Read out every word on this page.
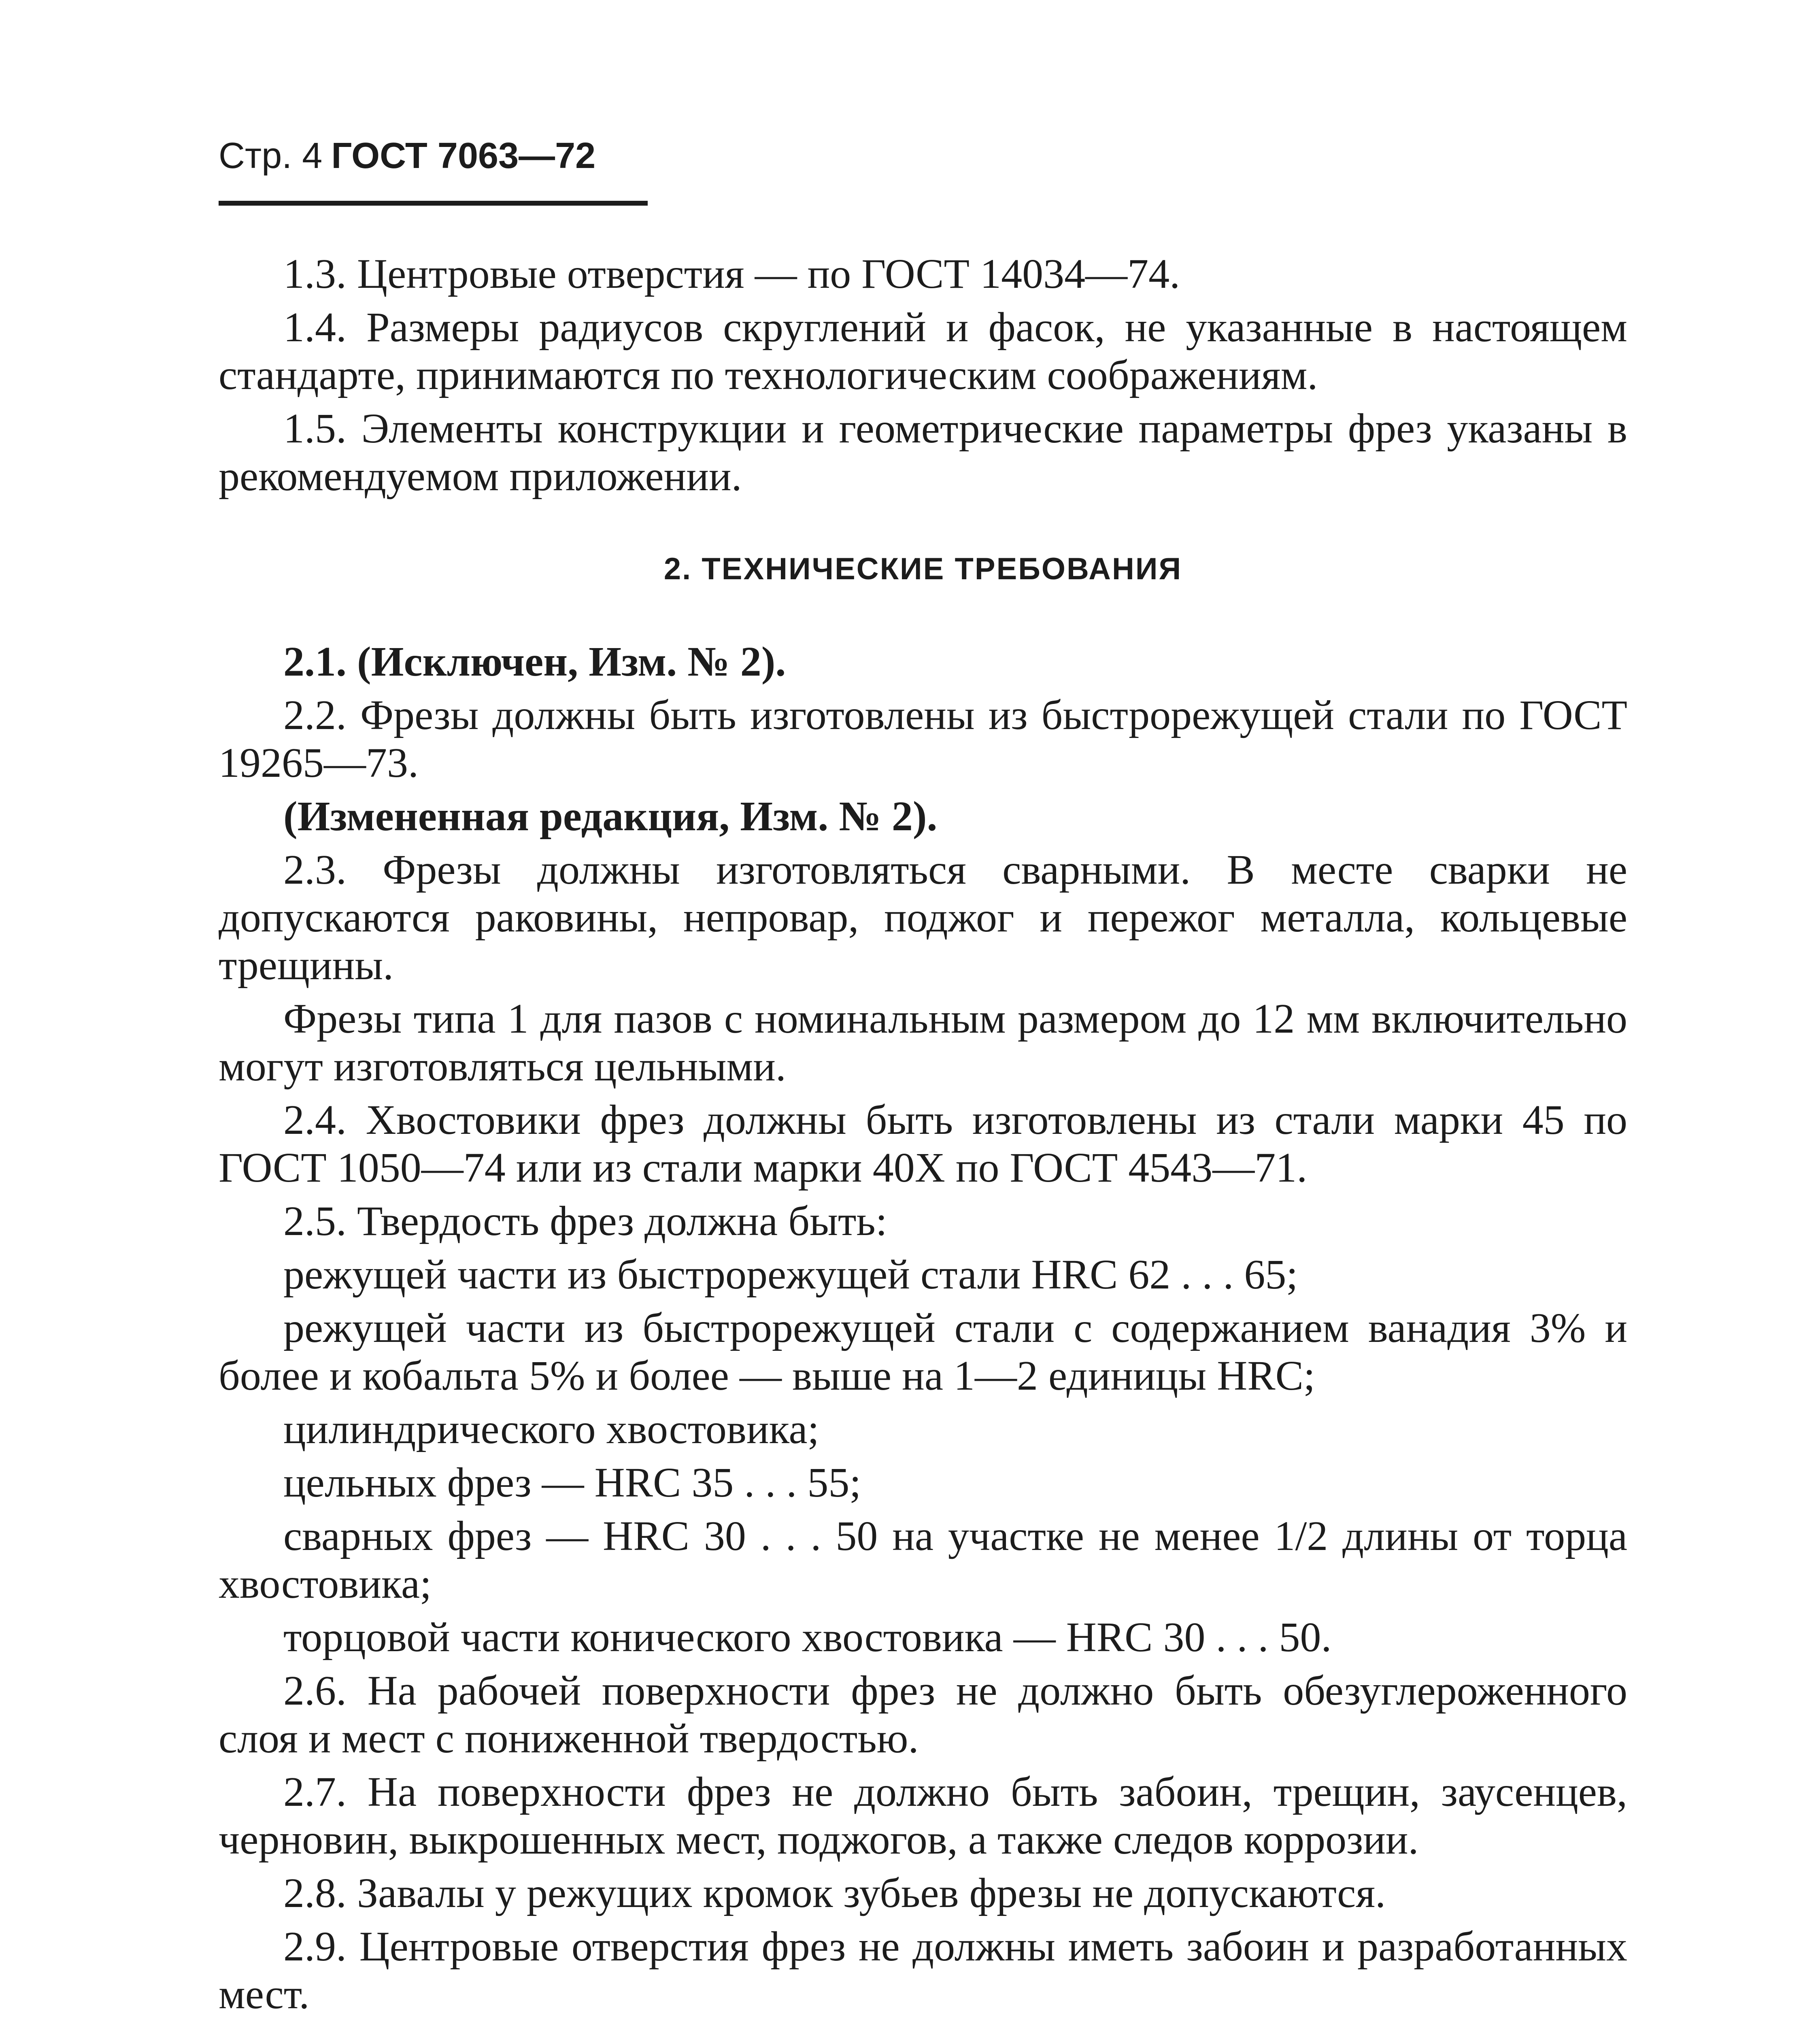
Стр. 4 ГОСТ 7063—72

1.3. Центровые отверстия — по ГОСТ 14034—74.

1.4. Размеры радиусов скруглений и фасок, не указанные в настоящем стандарте, принимаются по технологическим соображениям.

1.5. Элементы конструкции и геометрические параметры фрез указаны в рекомендуемом приложении.

2. ТЕХНИЧЕСКИЕ ТРЕБОВАНИЯ

2.1. (Исключен, Изм. № 2).

2.2. Фрезы должны быть изготовлены из быстрорежущей стали по ГОСТ 19265—73.

(Измененная редакция, Изм. № 2).

2.3. Фрезы должны изготовляться сварными. В месте сварки не допускаются раковины, непровар, поджог и пережог металла, кольцевые трещины.

Фрезы типа 1 для пазов с номинальным размером до 12 мм включительно могут изготовляться цельными.

2.4. Хвостовики фрез должны быть изготовлены из стали марки 45 по ГОСТ 1050—74 или из стали марки 40Х по ГОСТ 4543—71.

2.5. Твердость фрез должна быть:

режущей части из быстрорежущей стали HRC 62 . . . 65;

режущей части из быстрорежущей стали с содержанием ванадия 3% и более и кобальта 5% и более — выше на 1—2 единицы HRC;

цилиндрического хвостовика;

цельных фрез — HRC 35 . . . 55;

сварных фрез — HRC 30 . . . 50 на участке не менее 1/2 длины от торца хвостовика;

торцовой части конического хвостовика — HRC 30 . . . 50.

2.6. На рабочей поверхности фрез не должно быть обезуглероженного слоя и мест с пониженной твердостью.

2.7. На поверхности фрез не должно быть забоин, трещин, заусенцев, черновин, выкрошенных мест, поджогов, а также следов коррозии.

2.8. Завалы у режущих кромок зубьев фрезы не допускаются.

2.9. Центровые отверстия фрез не должны иметь забоин и разработанных мест.
